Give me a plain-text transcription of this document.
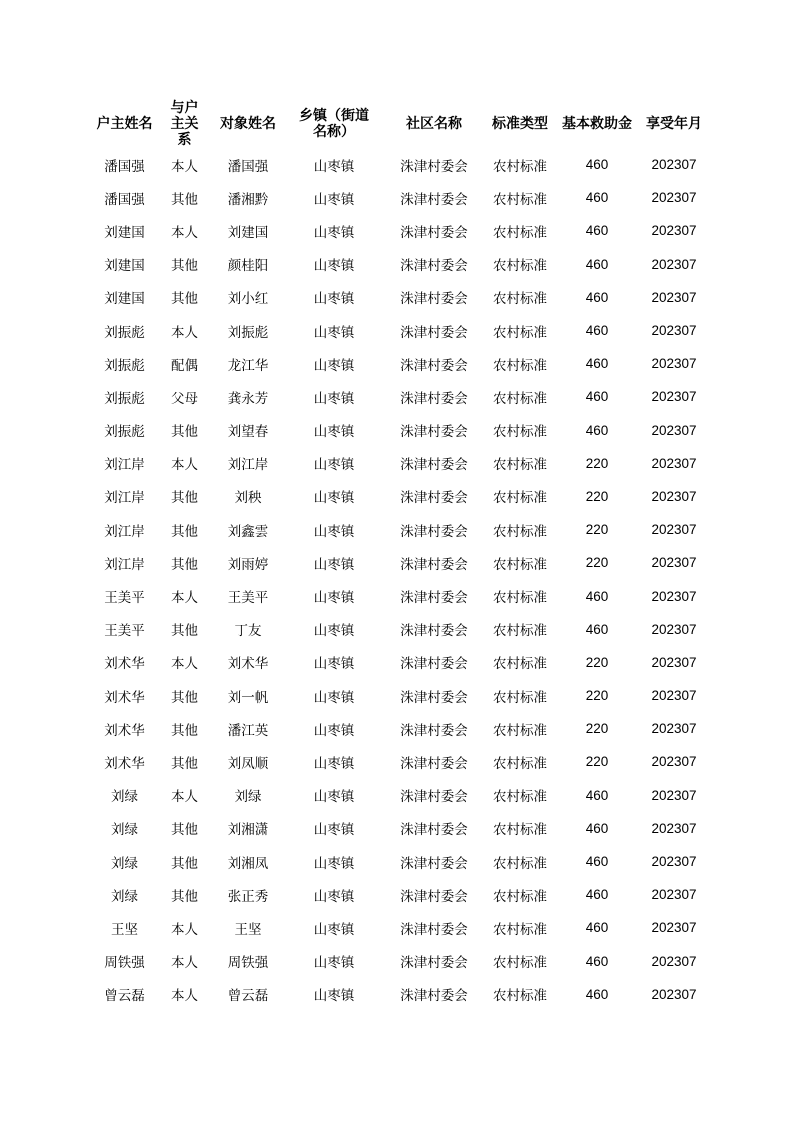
户主姓名	与户主关系	对象姓名	乡镇（街道名称）	社区名称	标准类型	基本救助金	享受年月
潘国强	本人	潘国强	山枣镇	洙津村委会	农村标准	460	202307
潘国强	其他	潘湘黔	山枣镇	洙津村委会	农村标准	460	202307
刘建国	本人	刘建国	山枣镇	洙津村委会	农村标准	460	202307
刘建国	其他	颜桂阳	山枣镇	洙津村委会	农村标准	460	202307
刘建国	其他	刘小红	山枣镇	洙津村委会	农村标准	460	202307
刘振彪	本人	刘振彪	山枣镇	洙津村委会	农村标准	460	202307
刘振彪	配偶	龙江华	山枣镇	洙津村委会	农村标准	460	202307
刘振彪	父母	龚永芳	山枣镇	洙津村委会	农村标准	460	202307
刘振彪	其他	刘望春	山枣镇	洙津村委会	农村标准	460	202307
刘江岸	本人	刘江岸	山枣镇	洙津村委会	农村标准	220	202307
刘江岸	其他	刘秧	山枣镇	洙津村委会	农村标准	220	202307
刘江岸	其他	刘鑫雲	山枣镇	洙津村委会	农村标准	220	202307
刘江岸	其他	刘雨婷	山枣镇	洙津村委会	农村标准	220	202307
王美平	本人	王美平	山枣镇	洙津村委会	农村标准	460	202307
王美平	其他	丁友	山枣镇	洙津村委会	农村标准	460	202307
刘术华	本人	刘术华	山枣镇	洙津村委会	农村标准	220	202307
刘术华	其他	刘一帆	山枣镇	洙津村委会	农村标准	220	202307
刘术华	其他	潘江英	山枣镇	洙津村委会	农村标准	220	202307
刘术华	其他	刘凤顺	山枣镇	洙津村委会	农村标准	220	202307
刘绿	本人	刘绿	山枣镇	洙津村委会	农村标准	460	202307
刘绿	其他	刘湘潇	山枣镇	洙津村委会	农村标准	460	202307
刘绿	其他	刘湘凤	山枣镇	洙津村委会	农村标准	460	202307
刘绿	其他	张正秀	山枣镇	洙津村委会	农村标准	460	202307
王坚	本人	王坚	山枣镇	洙津村委会	农村标准	460	202307
周铁强	本人	周铁强	山枣镇	洙津村委会	农村标准	460	202307
曾云磊	本人	曾云磊	山枣镇	洙津村委会	农村标准	460	202307
